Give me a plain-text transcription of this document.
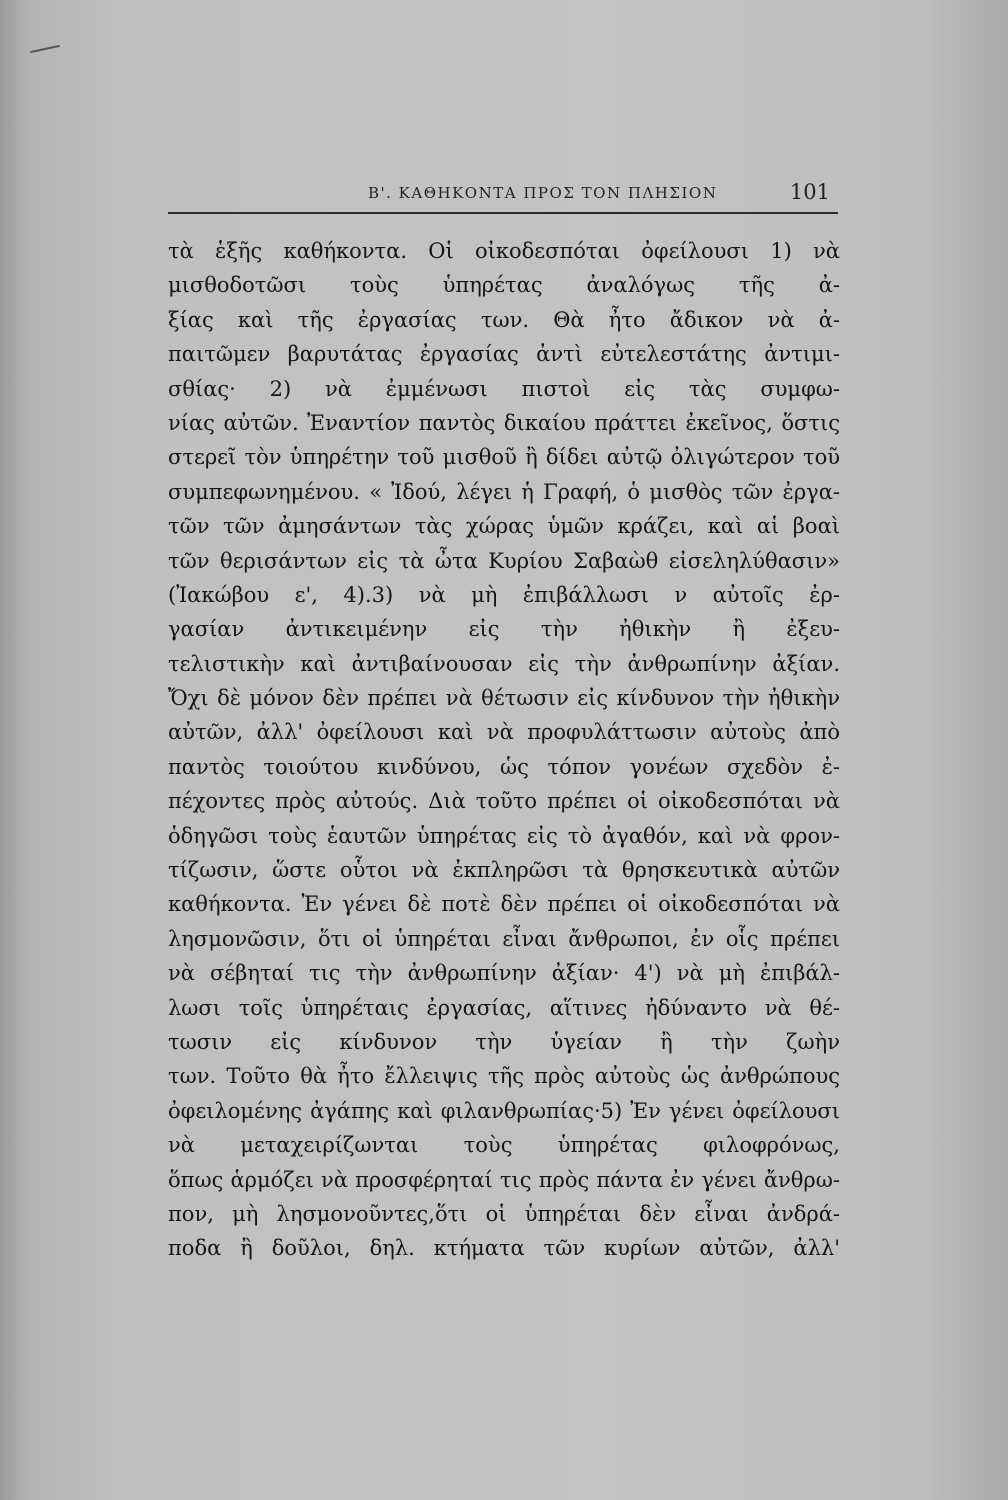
Β'. ΚΑΘΗΚΟΝΤΑ ΠΡΟΣ ΤΟΝ ΠΛΗΣΙΟΝ	101
τὰ ἑξῆς καθήκοντα. Οἱ οἰκοδεσπόται ὀφείλουσι 1) νὰ
μισθοδοτῶσι τοὺς ὑπηρέτας ἀναλόγως τῆς ἀ-
ξίας καὶ τῆς ἐργασίας των. Θὰ ἦτο ἄδικον νὰ ἀ-
παιτῶμεν βαρυτάτας ἐργασίας ἀντὶ εὐτελεστάτης ἀντιμι-
σθίας· 2) νὰ ἐμμένωσι πιστοὶ εἰς τὰς συμφω-
νίας αὐτῶν. Ἐναντίον παντὸς δικαίου πράττει ἐκεῖνος, ὅστις
στερεῖ τὸν ὑπηρέτην τοῦ μισθοῦ ἢ δίδει αὐτῷ ὀλιγώτερον τοῦ
συμπεφωνημένου. « Ἰδού, λέγει ἡ Γραφή, ὁ μισθὸς τῶν ἐργα-
τῶν τῶν ἀμησάντων τὰς χώρας ὑμῶν κράζει, καὶ αἱ βοαὶ
τῶν θερισάντων εἰς τὰ ὦτα Κυρίου Σαβαὼθ εἰσεληλύθασιν»
(Ἰακώβου ε', 4).3) νὰ μὴ ἐπιβάλλωσι ν αὐτοῖς ἐρ-
γασίαν ἀντικειμένην εἰς τὴν ἠθικὴν ἢ ἐξευ-
τελιστικὴν καὶ ἀντιβαίνουσαν εἰς τὴν ἀνθρωπίνην ἀξίαν.
Ὄχι δὲ μόνον δὲν πρέπει νὰ θέτωσιν εἰς κίνδυνον τὴν ἠθικὴν
αὐτῶν, ἀλλ' ὀφείλουσι καὶ νὰ προφυλάττωσιν αὐτοὺς ἀπὸ
παντὸς τοιούτου κινδύνου, ὡς τόπον γονέων σχεδὸν ἐ-
πέχοντες πρὸς αὐτούς. Διὰ τοῦτο πρέπει οἱ οἰκοδεσπόται νὰ
ὁδηγῶσι τοὺς ἑαυτῶν ὑπηρέτας εἰς τὸ ἀγαθόν, καὶ νὰ φρον-
τίζωσιν, ὥστε οὗτοι νὰ ἐκπληρῶσι τὰ θρησκευτικὰ αὐτῶν
καθήκοντα. Ἐν γένει δὲ ποτὲ δὲν πρέπει οἱ οἰκοδεσπόται νὰ
λησμονῶσιν, ὅτι οἱ ὑπηρέται εἶναι ἄνθρωποι, ἐν οἷς πρέπει
νὰ σέβηταί τις τὴν ἀνθρωπίνην ἀξίαν· 4') νὰ μὴ ἐπιβάλ-
λωσι τοῖς ὑπηρέταις ἐργασίας, αἵτινες ἠδύναντο νὰ θέ-
τωσιν εἰς κίνδυνον τὴν ὑγείαν ἢ τὴν ζωὴν
των. Τοῦτο θὰ ἦτο ἔλλειψις τῆς πρὸς αὐτοὺς ὡς ἀνθρώπους
ὀφειλομένης ἀγάπης καὶ φιλανθρωπίας·5) Ἐν γένει ὀφείλουσι
νὰ μεταχειρίζωνται τοὺς ὑπηρέτας φιλοφρόνως,
ὅπως ἁρμόζει νὰ προσφέρηταί τις πρὸς πάντα ἐν γένει ἄνθρω-
πον, μὴ λησμονοῦντες,ὅτι οἱ ὑπηρέται δὲν εἶναι ἀνδρά-
ποδα ἢ δοῦλοι, δηλ. κτήματα τῶν κυρίων αὐτῶν, ἀλλ'
